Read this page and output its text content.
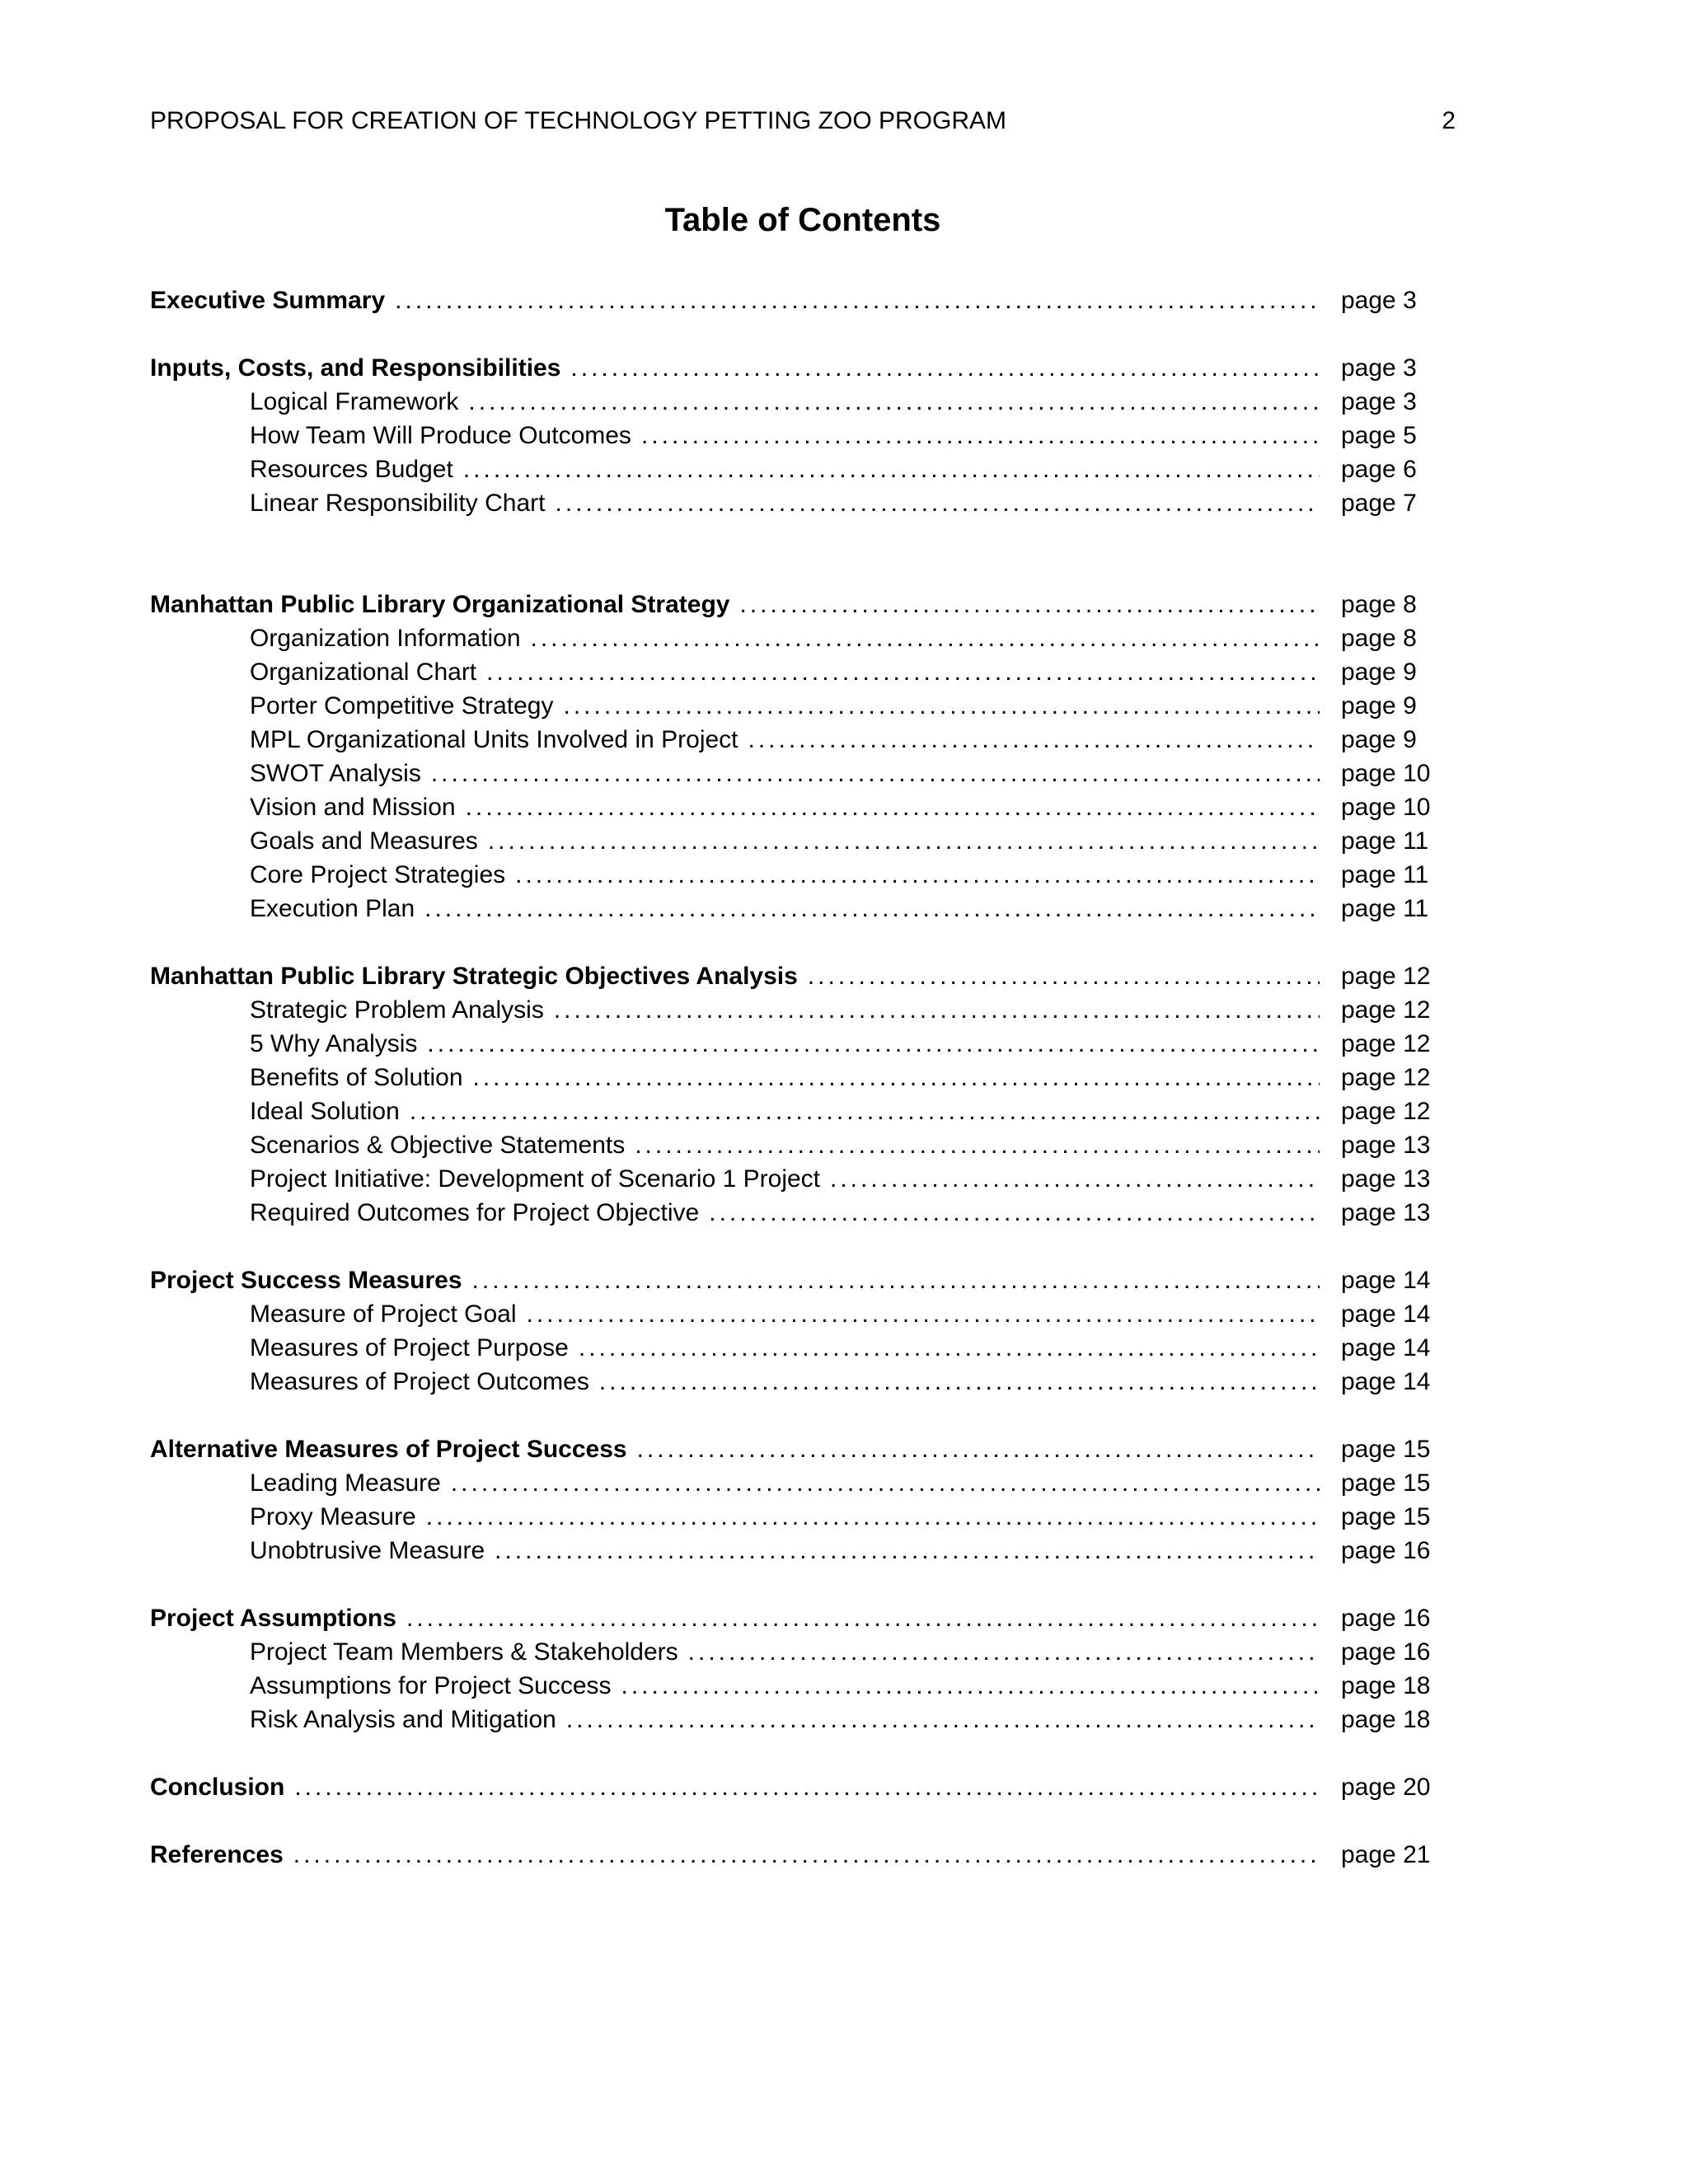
PROPOSAL FOR CREATION OF TECHNOLOGY PETTING ZOO PROGRAM	2
Table of Contents
Executive Summary .....	page 3
Inputs, Costs, and Responsibilities .....	page 3
Logical Framework .....	page 3
How Team Will Produce Outcomes .....	page 5
Resources Budget .....	page 6
Linear Responsibility Chart .....	page 7
Manhattan Public Library Organizational Strategy .....	page 8
Organization Information .....	page 8
Organizational Chart .....	page 9
Porter Competitive Strategy .....	page 9
MPL Organizational Units Involved in Project .....	page 9
SWOT Analysis .....	page 10
Vision and Mission .....	page 10
Goals and Measures .....	page 11
Core Project Strategies .....	page 11
Execution Plan .....	page 11
Manhattan Public Library Strategic Objectives Analysis .....	page 12
Strategic Problem Analysis .....	page 12
5 Why Analysis .....	page 12
Benefits of Solution .....	page 12
Ideal Solution .....	page 12
Scenarios & Objective Statements .....	page 13
Project Initiative: Development of Scenario 1 Project .....	page 13
Required Outcomes for Project Objective .....	page 13
Project Success Measures .....	page 14
Measure of Project Goal .....	page 14
Measures of Project Purpose .....	page 14
Measures of Project Outcomes .....	page 14
Alternative Measures of Project Success .....	page 15
Leading Measure .....	page 15
Proxy Measure .....	page 15
Unobtrusive Measure .....	page 16
Project Assumptions .....	page 16
Project Team Members & Stakeholders .....	page 16
Assumptions for Project Success .....	page 18
Risk Analysis and Mitigation .....	page 18
Conclusion .....	page 20
References .....	page 21
